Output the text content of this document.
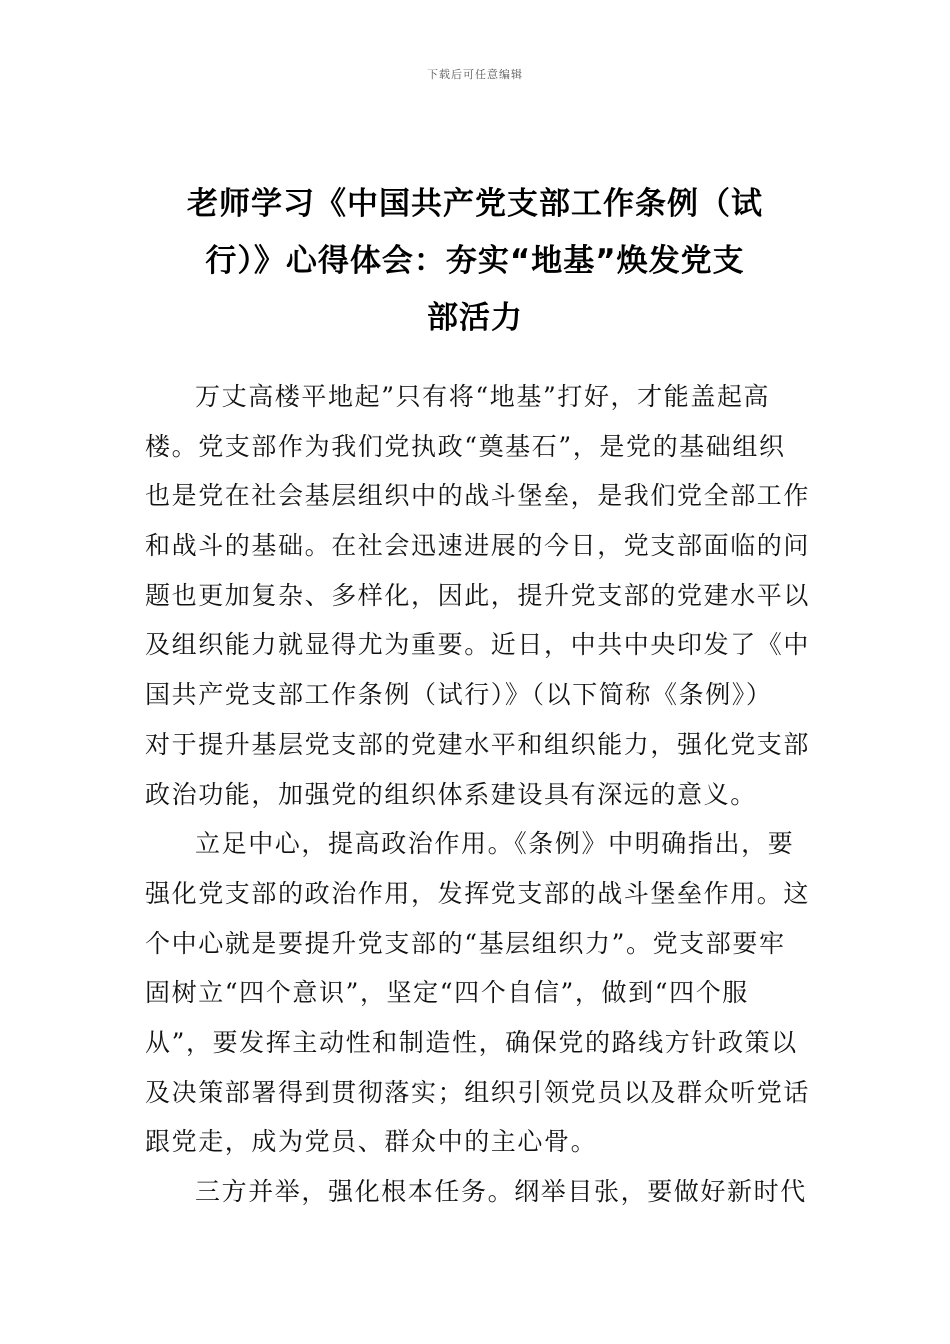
下载后可任意编辑
老师学习《中国共产党支部工作条例（试
行）》心得体会：夯实“地基”焕发党支
部活力
万丈高楼平地起”只有将“地基”打好，才能盖起高
楼。党支部作为我们党执政“奠基石”，是党的基础组织
也是党在社会基层组织中的战斗堡垒，是我们党全部工作
和战斗的基础。在社会迅速进展的今日，党支部面临的问
题也更加复杂、多样化，因此，提升党支部的党建水平以
及组织能力就显得尤为重要。近日，中共中央印发了《中
国共产党支部工作条例（试行）》（以下简称《条例》）
对于提升基层党支部的党建水平和组织能力，强化党支部
政治功能，加强党的组织体系建设具有深远的意义。
立足中心，提高政治作用。《条例》中明确指出，要
强化党支部的政治作用，发挥党支部的战斗堡垒作用。这
个中心就是要提升党支部的“基层组织力”。党支部要牢
固树立“四个意识”，坚定“四个自信”，做到“四个服
从”，要发挥主动性和制造性，确保党的路线方针政策以
及决策部署得到贯彻落实；组织引领党员以及群众听党话
跟党走，成为党员、群众中的主心骨。
三方并举，强化根本任务。纲举目张，要做好新时代
